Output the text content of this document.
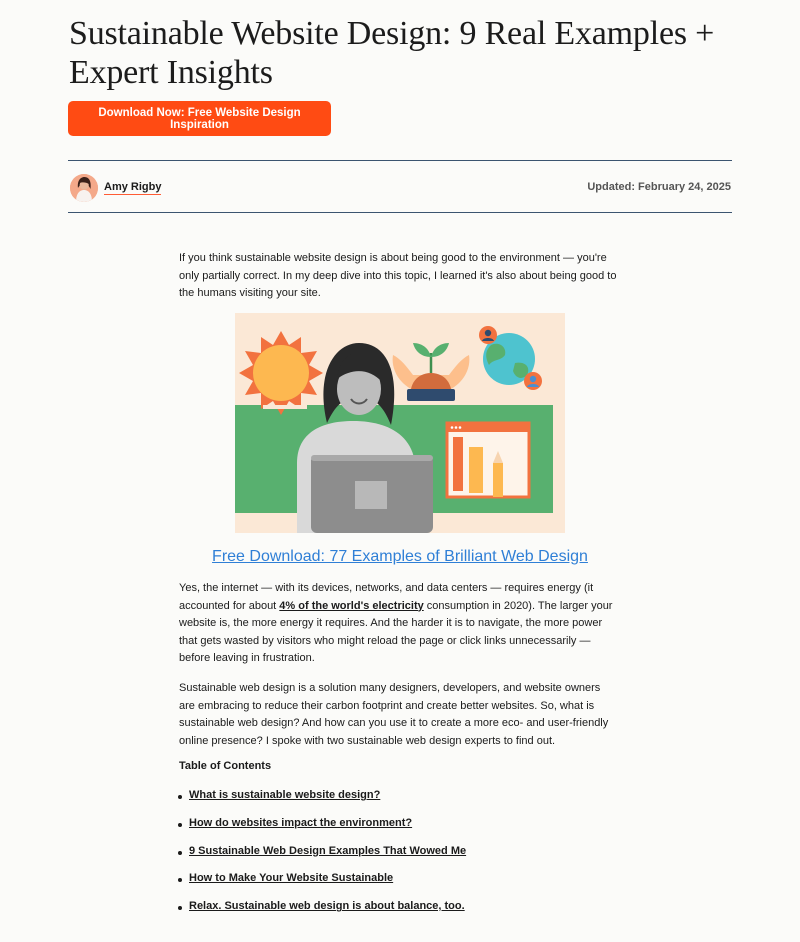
Sustainable Website Design: 9 Real Examples + Expert Insights
Download Now: Free Website Design Inspiration
Amy Rigby	Updated: February 24, 2025

If you think sustainable website design is about being good to the environment — you're only partially correct. In my deep dive into this topic, I learned it's also about being good to the humans visiting your site.

Free Download: 77 Examples of Brilliant Web Design

Yes, the internet — with its devices, networks, and data centers — requires energy (it accounted for about 4% of the world's electricity consumption in 2020). The larger your website is, the more energy it requires. And the harder it is to navigate, the more power that gets wasted by visitors who might reload the page or click links unnecessarily — before leaving in frustration.

Sustainable web design is a solution many designers, developers, and website owners are embracing to reduce their carbon footprint and create better websites. So, what is sustainable web design? And how can you use it to create a more eco- and user-friendly online presence? I spoke with two sustainable web design experts to find out.

Table of Contents
What is sustainable website design?
How do websites impact the environment?
9 Sustainable Web Design Examples That Wowed Me
How to Make Your Website Sustainable
Relax. Sustainable web design is about balance, too.
